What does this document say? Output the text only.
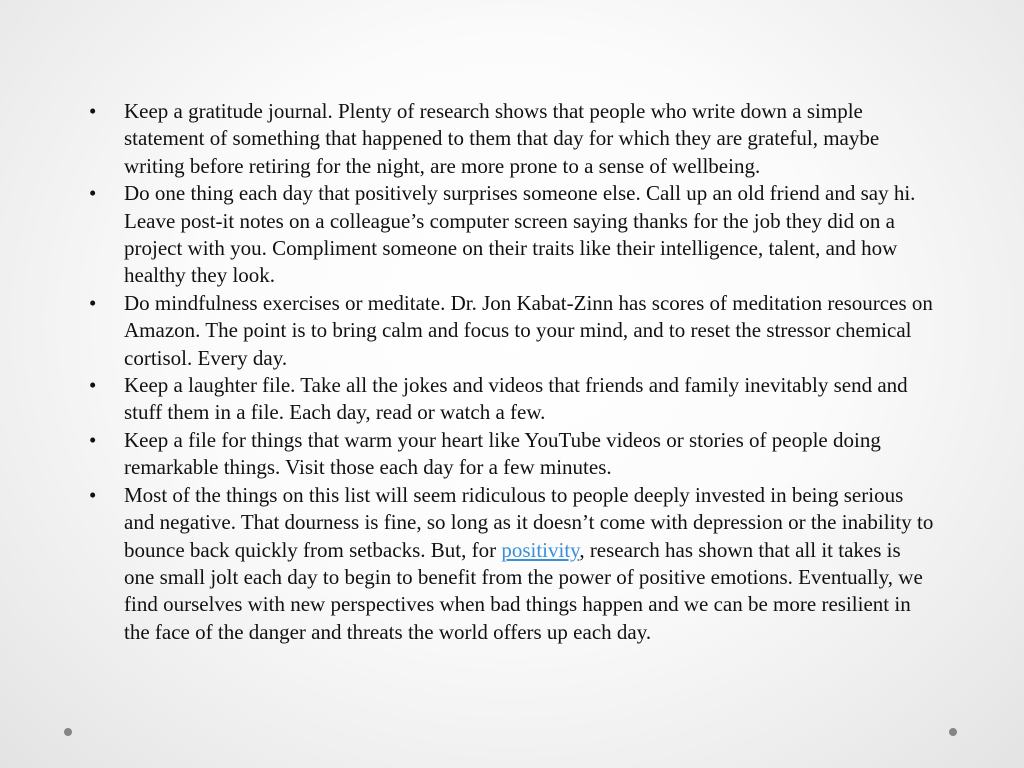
• Keep a gratitude journal. Plenty of research shows that people who write down a simple statement of something that happened to them that day for which they are grateful, maybe writing before retiring for the night, are more prone to a sense of wellbeing.
• Do one thing each day that positively surprises someone else. Call up an old friend and say hi. Leave post-it notes on a colleague’s computer screen saying thanks for the job they did on a project with you. Compliment someone on their traits like their intelligence, talent, and how healthy they look.
• Do mindfulness exercises or meditate. Dr. Jon Kabat-Zinn has scores of meditation resources on Amazon. The point is to bring calm and focus to your mind, and to reset the stressor chemical cortisol. Every day.
• Keep a laughter file. Take all the jokes and videos that friends and family inevitably send and stuff them in a file. Each day, read or watch a few.
• Keep a file for things that warm your heart like YouTube videos or stories of people doing remarkable things. Visit those each day for a few minutes.
• Most of the things on this list will seem ridiculous to people deeply invested in being serious and negative. That dourness is fine, so long as it doesn’t come with depression or the inability to bounce back quickly from setbacks. But, for positivity, research has shown that all it takes is one small jolt each day to begin to benefit from the power of positive emotions. Eventually, we find ourselves with new perspectives when bad things happen and we can be more resilient in the face of the danger and threats the world offers up each day.
